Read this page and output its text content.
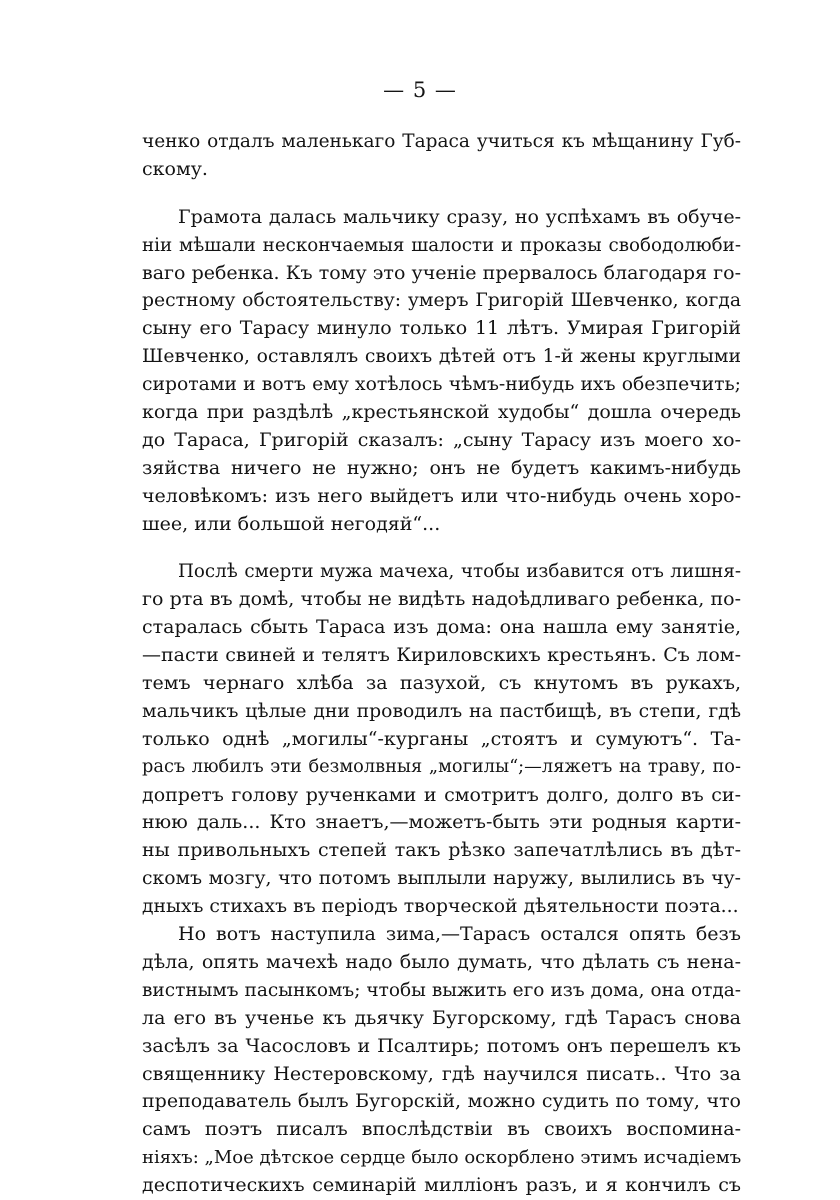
— 5 —
ченко отдалъ маленькаго Тараса учиться къ мѣщанину Губ-
скому.
Грамота далась мальчику сразу, но успѣхамъ въ обуче-
нiи мѣшали нескончаемыя шалости и проказы свободолюби-
ваго ребенка. Къ тому это ученiе прервалось благодаря го-
рестному обстоятельству: умеръ Григорiй Шевченко, когда
сыну его Тарасу минуло только 11 лѣтъ. Умирая Григорiй
Шевченко, оставлялъ своихъ дѣтей отъ 1-й жены круглыми
сиротами и вотъ ему хотѣлось чѣмъ-нибудь ихъ обезпечить;
когда при раздѣлѣ „крестьянской худобы“ дошла очередь
до Тараса, Григорiй сказалъ: „сыну Тарасу изъ моего хо-
зяйства ничего не нужно; онъ не будетъ какимъ-нибудь
человѣкомъ: изъ него выйдетъ или что-нибудь очень хоро-
шее, или большой негодяй“...
Послѣ смерти мужа мачеха, чтобы избавится отъ лишня-
го рта въ домѣ, чтобы не видѣть надоѣдливаго ребенка, по-
старалась сбыть Тараса изъ дома: она нашла ему занятiе,
—пасти свиней и телятъ Кириловскихъ крестьянъ. Съ лом-
темъ чернаго хлѣба за пазухой, съ кнутомъ въ рукахъ,
мальчикъ цѣлые дни проводилъ на пастбищѣ, въ степи, гдѣ
только однѣ „могилы“-курганы „стоятъ и сумуютъ“. Та-
расъ любилъ эти безмолвныя „могилы“;—ляжетъ на траву, по-
допретъ голову рученками и смотритъ долго, долго въ си-
нюю даль... Кто знаетъ,—можетъ-быть эти родныя карти-
ны привольныхъ степей такъ рѣзко запечатлѣлись въ дѣт-
скомъ мозгу, что потомъ выплыли наружу, вылились въ чу-
дныхъ стихахъ въ перiодъ творческой дѣятельности поэта...
Но вотъ наступила зима,—Тарасъ остался опять безъ
дѣла, опять мачехѣ надо было думать, что дѣлать съ нена-
вистнымъ пасынкомъ; чтобы выжить его изъ дома, она отда-
ла его въ ученье къ дьячку Бугорскому, гдѣ Тарасъ снова
засѣлъ за Часословъ и Псалтирь; потомъ онъ перешелъ къ
священнику Нестеровскому, гдѣ научился писать.. Что за
преподаватель былъ Бугорскiй, можно судить по тому, что
самъ поэтъ писалъ впослѣдствiи въ своихъ воспомина-
нiяхъ: „Мое дѣтское сердце было оскорблено этимъ исчадiемъ
деспотическихъ семинарiй миллiонъ разъ, и я кончилъ съ
